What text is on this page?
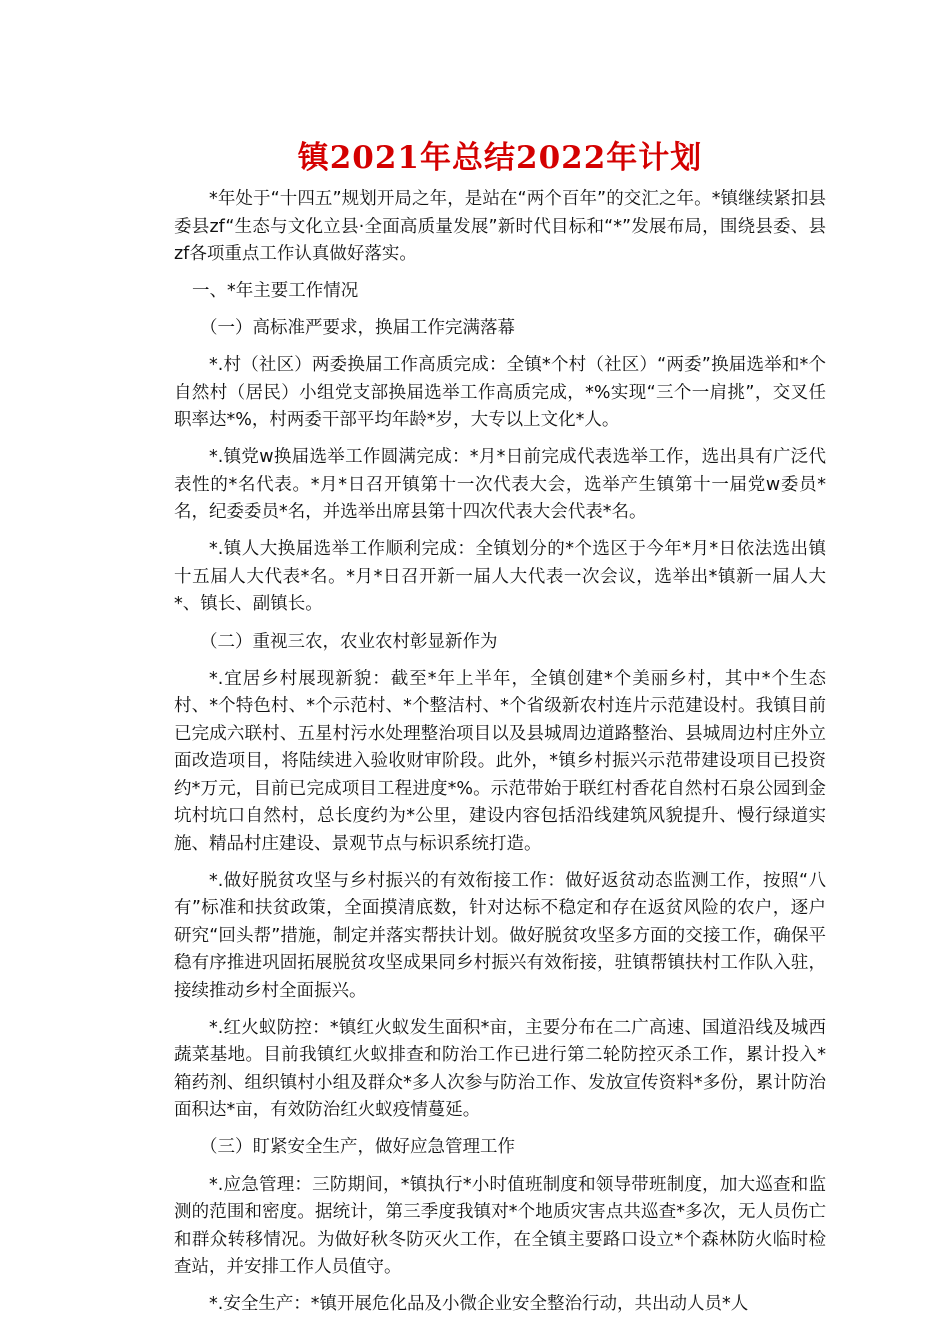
镇2021年总结2022年计划

*年处于“十四五”规划开局之年，是站在“两个百年”的交汇之年。*镇继续紧扣县委县zf“生态与文化立县·全面高质量发展”新时代目标和“*”发展布局，围绕县委、县zf各项重点工作认真做好落实。

一、*年主要工作情况

（一）高标准严要求，换届工作完满落幕

*.村（社区）两委换届工作高质完成：全镇*个村（社区）“两委”换届选举和*个自然村（居民）小组党支部换届选举工作高质完成，*%实现“三个一肩挑”，交叉任职率达*%，村两委干部平均年龄*岁，大专以上文化*人。

*.镇党w换届选举工作圆满完成：*月*日前完成代表选举工作，选出具有广泛代表性的*名代表。*月*日召开镇第十一次代表大会，选举产生镇第十一届党w委员*名，纪委委员*名，并选举出席县第十四次代表大会代表*名。

*.镇人大换届选举工作顺利完成：全镇划分的*个选区于今年*月*日依法选出镇十五届人大代表*名。*月*日召开新一届人大代表一次会议，选举出*镇新一届人大*、镇长、副镇长。

（二）重视三农，农业农村彰显新作为

*.宜居乡村展现新貌：截至*年上半年，全镇创建*个美丽乡村，其中*个生态村、*个特色村、*个示范村、*个整洁村、*个省级新农村连片示范建设村。我镇目前已完成六联村、五星村污水处理整治项目以及县城周边道路整治、县城周边村庄外立面改造项目，将陆续进入验收财审阶段。此外，*镇乡村振兴示范带建设项目已投资约*万元，目前已完成项目工程进度*%。示范带始于联红村香花自然村石泉公园到金坑村坑口自然村，总长度约为*公里，建设内容包括沿线建筑风貌提升、慢行绿道实施、精品村庄建设、景观节点与标识系统打造。

*.做好脱贫攻坚与乡村振兴的有效衔接工作：做好返贫动态监测工作，按照“八有”标准和扶贫政策，全面摸清底数，针对达标不稳定和存在返贫风险的农户，逐户研究“回头帮”措施，制定并落实帮扶计划。做好脱贫攻坚多方面的交接工作，确保平稳有序推进巩固拓展脱贫攻坚成果同乡村振兴有效衔接，驻镇帮镇扶村工作队入驻，接续推动乡村全面振兴。

*.红火蚁防控：*镇红火蚁发生面积*亩，主要分布在二广高速、国道沿线及城西蔬菜基地。目前我镇红火蚁排查和防治工作已进行第二轮防控灭杀工作，累计投入*箱药剂、组织镇村小组及群众*多人次参与防治工作、发放宣传资料*多份，累计防治面积达*亩，有效防治红火蚁疫情蔓延。

（三）盯紧安全生产，做好应急管理工作

*.应急管理：三防期间，*镇执行*小时值班制度和领导带班制度，加大巡查和监测的范围和密度。据统计，第三季度我镇对*个地质灾害点共巡查*多次，无人员伤亡和群众转移情况。为做好秋冬防灭火工作，在全镇主要路口设立*个森林防火临时检查站，并安排工作人员值守。

*.安全生产：*镇开展危化品及小微企业安全整治行动，共出动人员*人
